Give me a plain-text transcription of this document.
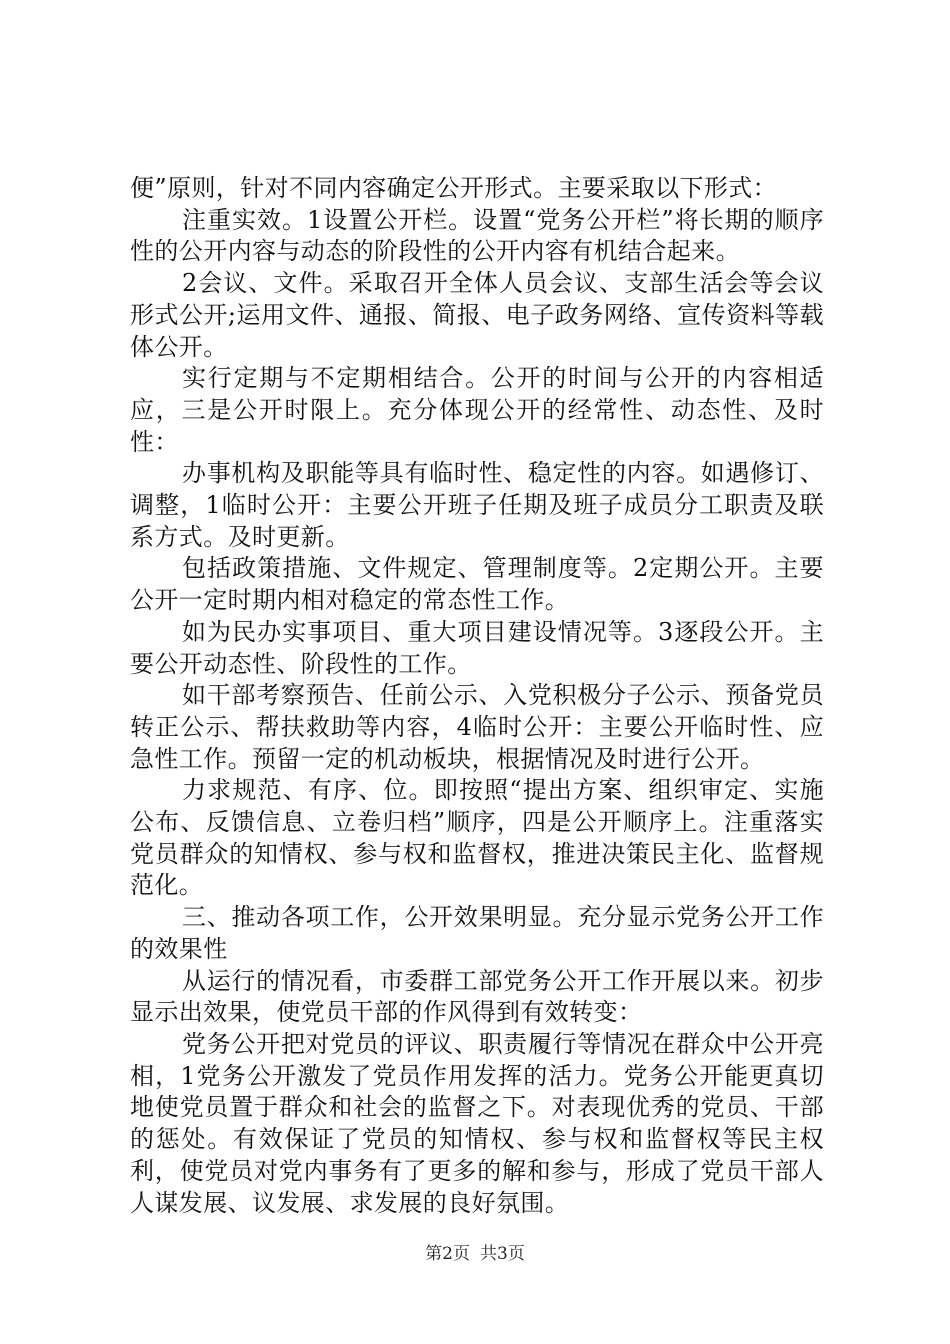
便”原则，针对不同内容确定公开形式。主要采取以下形式：

注重实效。1设置公开栏。设置“党务公开栏”将长期的顺序性的公开内容与动态的阶段性的公开内容有机结合起来。

2会议、文件。采取召开全体人员会议、支部生活会等会议形式公开;运用文件、通报、简报、电子政务网络、宣传资料等载体公开。

实行定期与不定期相结合。公开的时间与公开的内容相适应，三是公开时限上。充分体现公开的经常性、动态性、及时性：

办事机构及职能等具有临时性、稳定性的内容。如遇修订、调整，1临时公开：主要公开班子任期及班子成员分工职责及联系方式。及时更新。

包括政策措施、文件规定、管理制度等。2定期公开。主要公开一定时期内相对稳定的常态性工作。

如为民办实事项目、重大项目建设情况等。3逐段公开。主要公开动态性、阶段性的工作。

如干部考察预告、任前公示、入党积极分子公示、预备党员转正公示、帮扶救助等内容，4临时公开：主要公开临时性、应急性工作。预留一定的机动板块，根据情况及时进行公开。

力求规范、有序、位。即按照“提出方案、组织审定、实施公布、反馈信息、立卷归档”顺序，四是公开顺序上。注重落实党员群众的知情权、参与权和监督权，推进决策民主化、监督规范化。

三、推动各项工作，公开效果明显。充分显示党务公开工作的效果性

从运行的情况看，市委群工部党务公开工作开展以来。初步显示出效果，使党员干部的作风得到有效转变：

党务公开把对党员的评议、职责履行等情况在群众中公开亮相，1党务公开激发了党员作用发挥的活力。党务公开能更真切地使党员置于群众和社会的监督之下。对表现优秀的党员、干部的惩处。有效保证了党员的知情权、参与权和监督权等民主权利，使党员对党内事务有了更多的解和参与，形成了党员干部人人谋发展、议发展、求发展的良好氛围。

第2页 共3页
